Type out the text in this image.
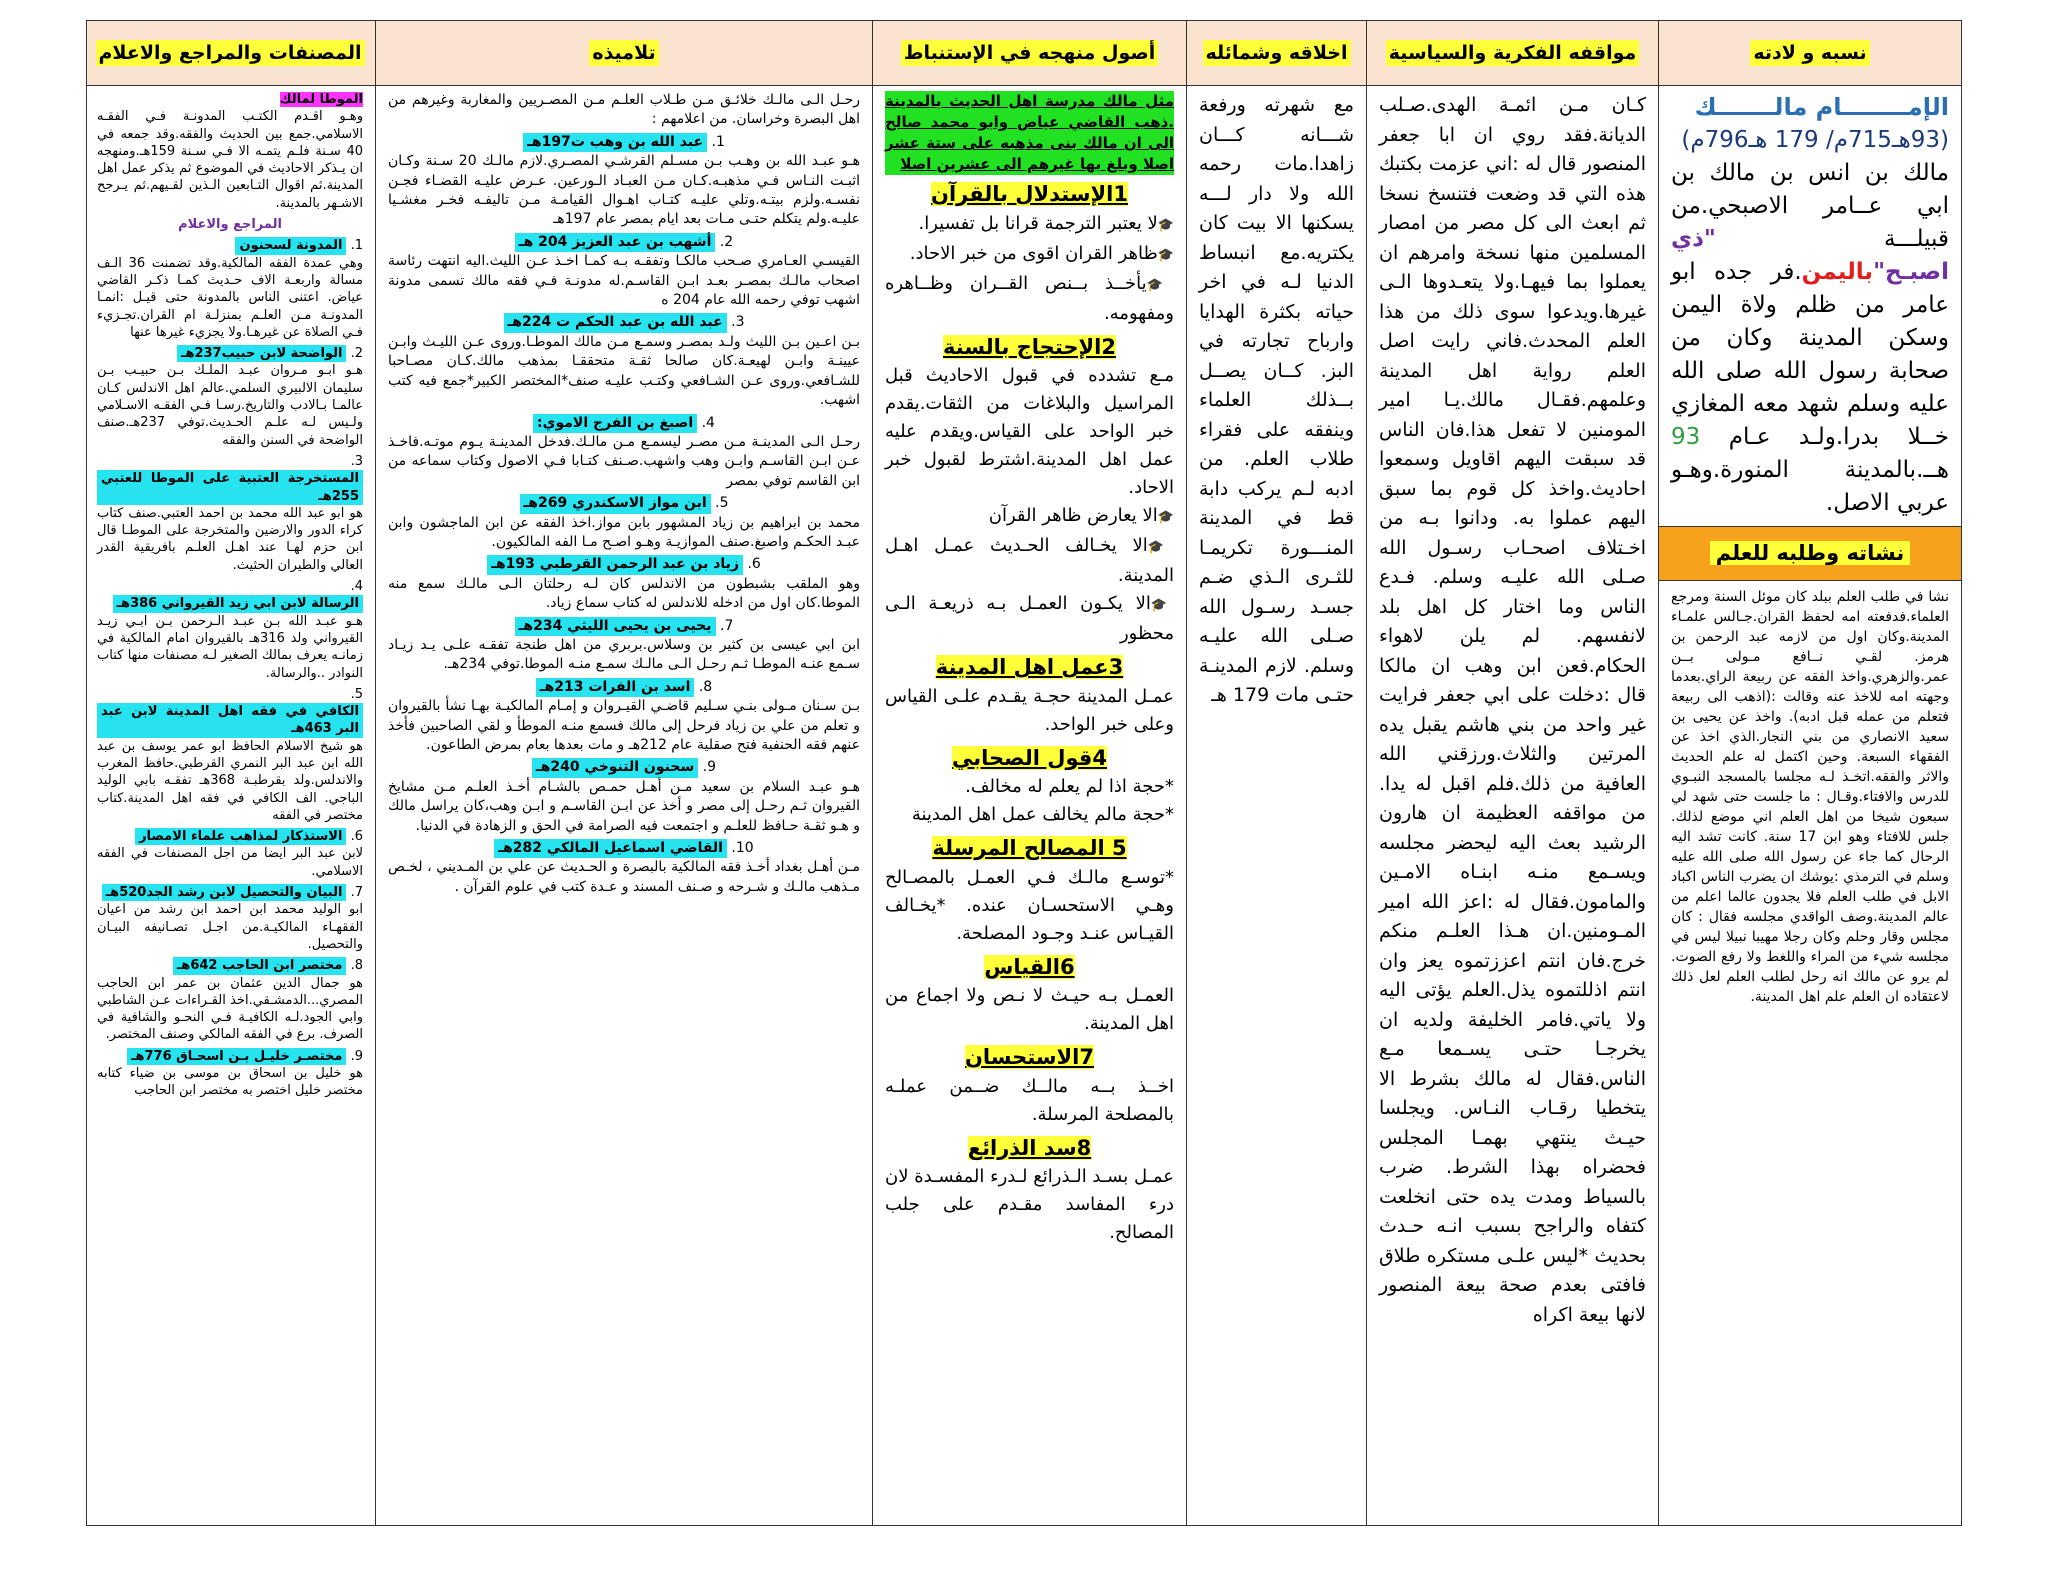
نسبه و لادته
مواقفه الفكرية والسياسية
اخلاقه وشمائله
أصول منهجه في الإستنباط
تلاميذه
المصنفات والمراجع والاعلام

الإمــــــــام مالـــــــك

(93هـ715م/ 179 هـ796م)

مالك بن انس بن مالك بن ابي عــامر الاصبحي.من قبيلـــة "ذي اصبـح"باليمن.فر جده ابو عامر من ظلم ولاة اليمن وسكن المدينة وكان من صحابة رسول الله صلى الله عليه وسلم شهد معه المغازي خــلا بدرا.ولـد عـام 93 هــ.بالمدينة المنورة.وهـو عربي الاصل.

نشاته وطلبه للعلم

نشا في طلب العلم ببلد كان موئل السنة ومرجع العلماء.فدفعته امه لحفظ القران.جـالس علمـاء المدينة.وكان اول من لازمه عبد الرحمن بن هرمز. لقـي نــافع مـولى بــن عمر.والزهري.واخذ الفقه عن ربيعة الراي.بعدما وجهته امه للاخذ عنه وقالت :(اذهب الى ربيعة فتعلم من عمله قبل ادبه). واخذ عن يحيى بن سعيد الانصاري من بني النجار.الذي اخذ عن الفقهاء السبعة. وحين اكتمل له علم الحديث والاثر والفقه.اتخـذ لـه مجلسا بالمسجد النبـوي للدرس والافتاء.وقـال : ما جلست حتى شهد لي سبعون شيخا من اهل العلم اني موضع لذلك. جلس للافتاء وهو ابن 17 سنة. كانت تشد اليه الرحال كما جاء عن رسول الله صلى الله عليه وسلم في الترمذي :يوشك ان يضرب الناس اكباد الابل في طلب العلم فلا يجدون عالما اعلم من عالم المدينة.وصف الواقدي مجلسه فقال : كان مجلس وقار وحلم وكان رجلا مهيبا نبيلا ليس في مجلسه شيء من المراء واللغط ولا رفع الصوت. لم يرو عن مالك انه رحل لطلب العلم لعل ذلك لاعتقاده ان العلم علم اهل المدينة.

كـان مـن ائمـة الهدى.صـلب الديانة.فقد روي ان ابا جعفر المنصور قال له :اني عزمت بكتبك هذه التي قد وضعت فتنسخ نسخا ثم ابعث الى كل مصر من امصار المسلمين منها نسخة وامرهم ان يعملوا بما فيهـا.ولا يتعـدوها الـى غيرها.ويدعوا سوى ذلك من هذا العلم المحدث.فاني رايت اصل العلم رواية اهل المدينة وعلمهم.فقـال مالك.يـا امير المومنين لا تفعل هذا.فان الناس قد سبقت اليهم اقاويل وسمعوا احاديث.واخذ كل قوم بما سبق اليهم عملوا به. ودانوا بـه من اخـتلاف اصحـاب رسـول الله صـلى الله عليـه وسلم. فـدع الناس وما اختار كل اهل بلد لانفسهم. لم يلن لاهواء الحكام.فعن ابن وهب ان مالكا قال :دخلت على ابي جعفر فرايت غير واحد من بني هاشم يقبل يده المرتين والثلاث.ورزقني الله العافية من ذلك.فلم اقبل له يدا. من مواقفه العظيمة ان هارون الرشيد بعث اليه ليحضر مجلسه ويسـمع منـه ابنـاه الامـين والمامون.فقال له :اعز الله امير المـومنين.ان هـذا العلـم منكم خرج.فان انتم اعززتموه يعز وان انتم اذللتموه يذل.العلم يؤتى اليه ولا ياتي.فامر الخليفة ولديه ان يخرجـا حتـى يسـمعا مـع الناس.فقال له مالك بشرط الا يتخطيا رقـاب النـاس. ويجلسا حيـث ينتهي بهمـا المجلس فحضراه بهذا الشرط. ضرب بالسياط ومدت يده حتى انخلعت كتفاه والراجح بسبب انـه حـدث بحديث *ليس علـى مستكره طلاق فافتى بعدم صحة بيعة المنصور لانها بيعة اكراه

مع شهرته ورفعة شـــانه كـــان زاهدا.مات رحمه الله ولا دار لـــه يسكنها الا بيت كان يكتريه.مع انبساط الدنيا لـه في اخر حياته بكثرة الهدايا وارباح تجارته في البز. كــان يصــل بــذلك العلماء وينفقه على فقراء طلاب العلم. من ادبه لـم يركب دابة قط في المدينة المنـــورة تكريمـا للثـرى الـذي ضـم جسـد رسـول الله صـلى الله عليـه وسلم. لازم المدينـة حتـى مات 179 هـ

مثل مالك مدرسة اهل الحديث بالمدينة .ذهب القاضي عياض وابو محمد صالح الى ان مالك بنى مذهبه على ستة عشر اصلا وبلغ بها غيرهم الى عشرين اصلا

1الإستدلال بالقرآن

🎓لا يعتبر الترجمة قرانا بل تفسيرا.

🎓ظاهر القران اقوى من خبر الاحاد.

🎓يأخــذ بــنص القــران وظــاهره ومفهومه.

2الإحتجاج بالسنة

مـع تشدده في قبول الاحاديث قبل المراسيل والبلاغات من الثقات.يقدم خبر الواحد على القياس.ويقدم عليه عمل اهل المدينة.اشترط لقبول خبر الاحاد.

🎓الا يعارض ظاهر القرآن

🎓الا يخـالف الحـديث عمـل اهـل المدينة.

🎓الا يكـون العمـل بـه ذريعـة الـى محظور

3عمل اهل المدينة

عمـل المدينة حجـة يقـدم علـى القياس وعلى خبر الواحد.

4قول الصحابي

*حجة اذا لم يعلم له مخالف.

*حجة مالم يخالف عمل اهل المدينة

5 المصالح المرسلة

*توسـع مالـك فـي العمـل بالمصـالح وهـي الاستحسـان عنده. *يخـالف القيـاس عنـد وجـود المصلحة.

6القياس

العمـل بـه حيـث لا نـص ولا اجماع من اهل المدينة.

7الاستحسان

اخــذ بــه مالــك ضــمن عملـه بالمصلحة المرسلة.

8سد الذرائع

عمـل بسـد الـذرائع لـدرء المفسـدة لان درء المفاسد مقـدم على جلب المصالح.

رحـل الـى مالـك خلائـق مـن طـلاب العلـم مـن المصـريين والمغاربة وغيرهم من اهل البصرة وخراسان. من اعلامهم :

1. عبد الله بن وهب ت197هـ

هـو عبـد الله بن وهـب بـن مسـلم القرشـي المصـري.لازم مالـك 20 سـنة وكـان اثبـت النـاس فـي مذهبـه.كـان مـن العبـاد الـورعين. عـرض عليـه القضـاء فجـن نفسـه.ولزم بيتـه.وتلي عليـه كتـاب اهـوال القيامـة مـن تاليفـه فخـر مغشـيا عليـه.ولم يتكلم حتـى مـات بعد ايام بمصر عام 197هـ

2. أشهب بن عبد العزيز 204 هـ

القيسـي العـامري صـحب مالكـا وتفقـه بـه كمـا اخـذ عـن الليث.اليه انتهت رئاسة اصحاب مالـك بمصـر بعـد ابـن القاسـم.له مدونـة فـي فقه مالك تسمى مدونة اشهب توفي رحمه الله عام 204 ه

3. عبد الله بن عبد الحكم ت 224هـ

بـن اعـين بـن الليث ولـد بمصـر وسمـع مـن مالك الموطـا.وروى عـن الليـث وابـن عيينـة وابـن لهيعـة.كان صالحا ثقـة متحققـا بمذهب مالك.كـان مصـاحبا للشـافعي.وروى عـن الشـافعي وكتـب عليـه صنف*المختصر الكبير*جمع فيه كتب اشهب.

4. اصبغ بن الفرج الاموي:

رحـل الـى المدينـة مـن مصـر ليسمـع مـن مالـك.فدخل المدينـة يـوم موتـه.فاخـذ عـن ابـن القاسـم وابـن وهب واشهب.صـنف كتـابا فـي الاصول وكتاب سماعه من ابن القاسم توفي بمصر

5. ابن مواز الاسكندري 269هـ

محمد بن ابراهيم بن زياد المشهور بابن مواز.اخذ الفقه عن ابن الماجشون وابن عبـد الحكـم واصبغ.صنف الموازيـة وهـو اصـح مـا الفه المالكيون.

6. زياد بن عبد الرحمن القرطبي 193هـ

وهو الملقب بشبطون من الاندلس كان لـه رحلتان الـى مالـك سمع منه الموطا.كان اول من ادخله للاندلس له كتاب سماع زياد.

7. يحيى بن يحيى الليثي 234هـ

ابن ابي عيسى بن كثير بن وسلاس.بربري من اهل طنجة تفقـه علـى يـد زيـاد سـمع عنـه الموطـا ثـم رحـل الـى مالـك سمـع منـه الموطا.توفي 234هـ.

8. اسد بن الفرات 213هـ

بـن سـنان مـولى بنـي سـليم قاضـي القيـروان و إمـام المالكيـة بهـا نشأ بالقيروان و تعلم من علي بن زياد فرحل إلى مالك فسمع منـه الموطأ و لقي الصاحبين فأخذ عنهم فقه الحنفية فتح صقلية عام 212هـ و مات بعدها بعام بمرض الطاعون.

9. سحنون التنوخي 240هـ

هـو عبـد السلام بن سعيد مـن أهـل حمـص بالشـام أخـذ العلـم مـن مشايخ القيروان ثـم رحـل إلى مصر و أخذ عن ابـن القاسـم و ابـن وهب،كان يراسل مالك و هـو ثقـة حـافظ للعلـم و اجتمعت فيه الصرامة في الحق و الزهادة في الدنيا.

10. القاضي اسماعيل المالكي 282هـ

مـن أهـل بغداد أخـذ فقه المالكية بالبصرة و الحـديث عن علي بن المـديني ، لخـص مـذهب مالـك و شـرحه و صـنف المسند و عـدة كتب في علوم القرآن .

الموطا لمالك

وهـو اقـدم الكتـب المدونـة فـي الفقـه الاسلامي.جمع بين الحديث والفقه.وقد جمعه في 40 سـنة فلـم يتمـه الا فـي سـنة 159هـ.ومنهجه ان يـذكر الاحاديث في الموضوع ثم يذكر عمل اهل المدينة.ثم اقوال التـابعين الـذين لقـيهم.ثم يـرجح الاشـهر بالمدينة.

المراجع والاعلام

1. المدونة لسحنون

وهي عمدة الفقه المالكية.وقد تضمنت 36 الـف مسالة واربعـة الاف حـديث كمـا ذكـر القاضي عياض. اعتنى الناس بالمدونة حتى قيـل :انمـا المدونـة مـن العلـم بمنزلـة ام القران.تجـزيء فـي الصلاة عن غيرهـا.ولا يجزيء غيرها عنها

2. الواضحة لابن حبيب237هـ

هـو ابـو مـروان عبـد الملـك بـن حبيـب بـن سليمان الالبيري السلمي.عالم اهل الاندلس كـان عالمـا بـالادب والتاريخ.رسـا فـي الفقـه الاسـلامي ولـيس لـه علـم الحـديث.توفي 237هـ.صنف الواضحة في السنن والفقه

3. المستخرجة العتبية على الموطا للعتبي 255هـ

هو ابو عبد الله محمد بن احمد العتبي.صنف كتاب كراء الدور والارضين والمتخرجة على الموطـا قال ابن حزم لهـا عند اهـل العلـم بافريقية القدر العالي والطيران الحثيث.

4. الرسالة لابن ابي زيد القيرواني 386هـ

هـو عبـد الله بـن عبـد الـرحمن بـن ابـي زيـد القيرواني ولد 316هـ بالقيروان امام المالكية في زمانـه يعرف بمالك الصغير لـه مصنفات منها كتاب النوادر ..والرسالة.

5. الكافي في فقه اهل المدينة لابن عبد البر 463هـ

هو شيخ الاسلام الحافظ ابو عمر يوسف بن عبد الله ابن عبد البر النمري القرطبي.حافظ المغرب والاندلس.ولد بقرطبـة 368هـ تفقـه بابي الوليد الباجي. الف الكافي في فقه اهل المدينة.كتاب مختصر في الفقه

6. الاستذكار لمذاهب علماء الامصار

لابن عبد البر ايضا من اجل المصنفات في الفقه الاسلامي.

7. البيان والتحصيل لابن رشد الجد520هـ

ابو الوليد محمد ابن احمد ابن رشد من اعيان الفقهـاء المالكيـة.من اجـل تصـانيفه البيـان والتحصيل.

8. مختصر ابن الحاجب 642هـ

هو جمال الدين عثمان بن عمر ابن الحاجب المصري...الدمشـقي.اخذ القـراءات عـن الشاطبي وابي الجود.لـه الكافيـة فـي النحـو والشافية في الصرف. برع في الفقه المالكي وصنف المختصر.

9. مختصـر خليـل بـن اسحـاق 776هـ

هو خليل بن اسحاق بن موسى بن ضياء كتابه مختصر خليل اختصر به مختصر ابن الحاجب
